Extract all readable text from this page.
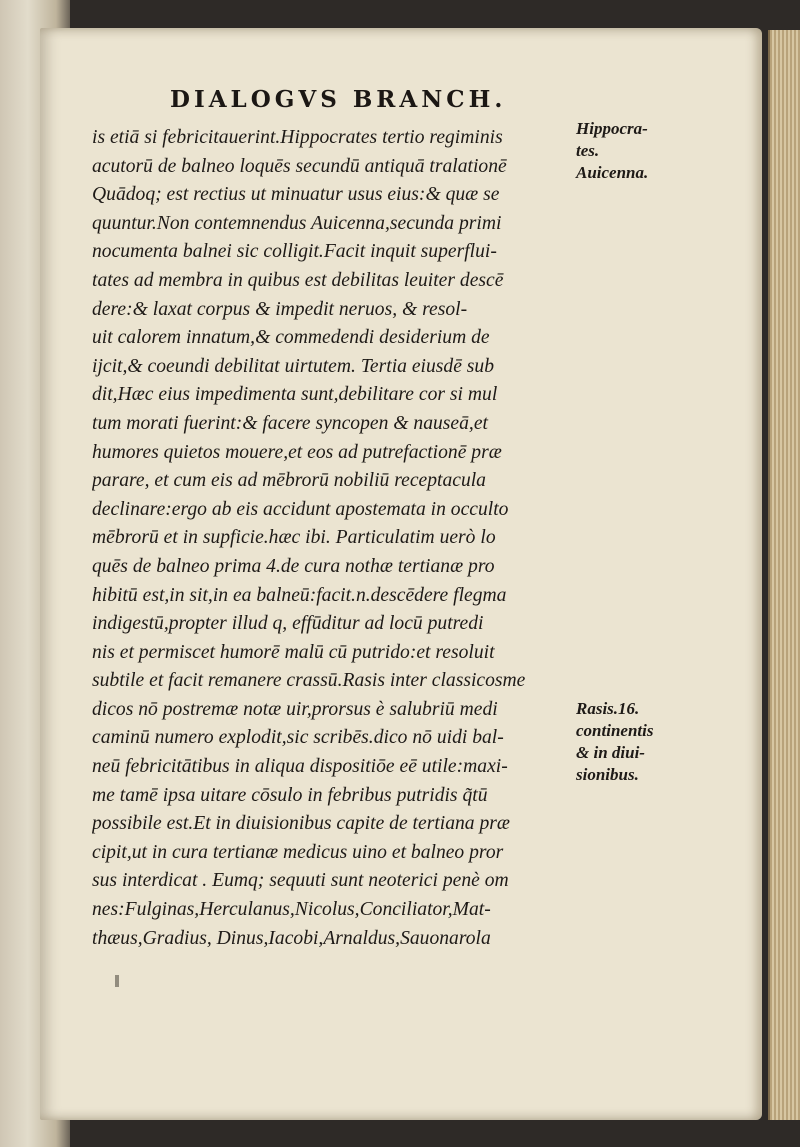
DIALOGVS BRANCH.
is etiā si febricitauerint.Hippocrates tertio regiminis
acutorū de balneo loquēs secundū antiquā tralationē
Quādoq; est rectius ut minuatur usus eius:& quæ se
quuntur.Non contemnendus Auicenna,secunda primi
nocumenta balnei sic colligit.Facit inquit superflui-
tates ad membra in quibus est debilitas leuiter descē
dere:& laxat corpus & impedit neruos, & resol-
uit calorem innatum,& commedendi desiderium de
ijcit,& coeundi debilitat uirtutem. Tertia eiusdē sub
dit,Hæc eius impedimenta sunt,debilitare cor si mul
tum morati fuerint:& facere syncopen & nauseā,et
humores quietos mouere,et eos ad putrefactionē præ
parare, et cum eis ad mēbrorū nobiliū receptacula
declinare:ergo ab eis accidunt apostemata in occulto
mēbrorū et in supficie.hæc ibi. Particulatim uerò lo
quēs de balneo prima 4.de cura nothæ tertianæ pro
hibitū est,in sit,in ea balneū:facit.n.descēdere flegma
indigestū,propter illud q, effūditur ad locū putredi
nis et permiscet humorē malū cū putrido:et resoluit
subtile et facit remanere crassū.Rasis inter classicosme
dicos nō postremæ notæ uir,prorsus è salubriū medi
caminū numero explodit,sic scribēs.dico nō uidi bal-
neū febricitātibus in aliqua dispositiōe eē utile:maxi-
me tamē ipsa uitare cōsulo in febribus putridis q̃tū
possibile est.Et in diuisionibus capite de tertiana præ
cipit,ut in cura tertianæ medicus uino et balneo pror
sus interdicat . Eumq; sequuti sunt neoterici penè om
nes:Fulginas,Herculanus,Nicolus,Conciliator,Mat-
thæus,Gradius, Dinus,Iacobi,Arnaldus,Sauonarola
Hippocra-
tes.
Auicenna.
Rasis.16.
continentis
& in diui-
sionibus.
